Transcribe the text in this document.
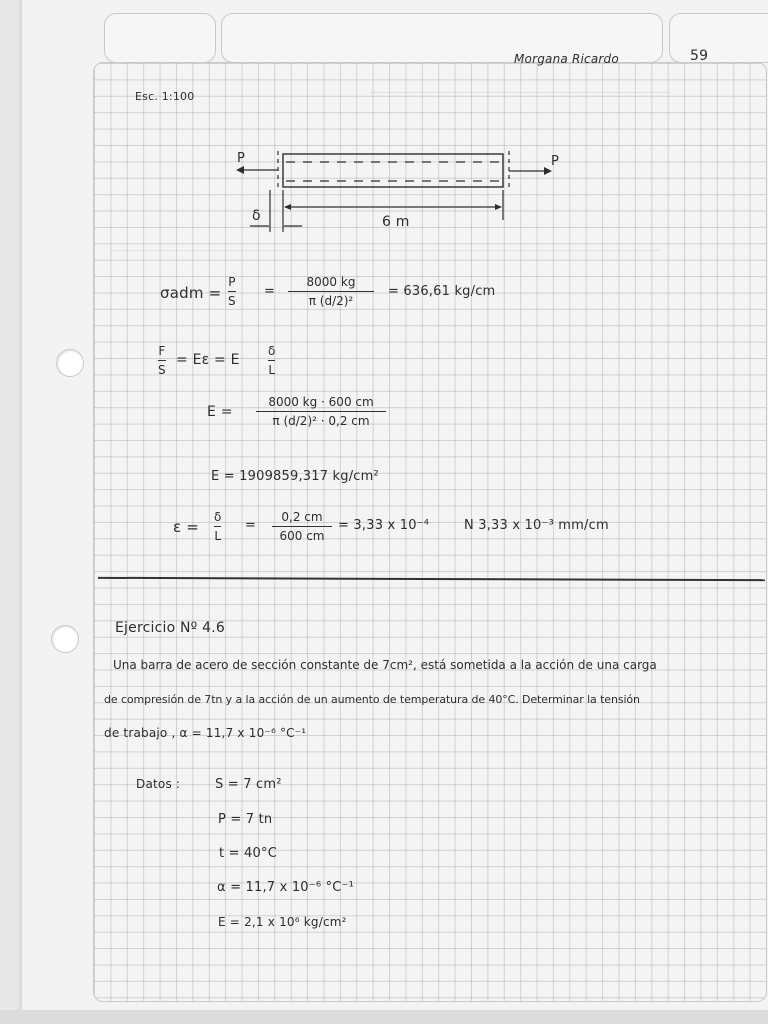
Morgana Ricardo	59
Esc. 1:100
P	P
δ	6 m
σadm =
P
S
=
8000 kg
π (d/2)²
= 636,61 kg/cm
F
S
= Eε = E
δ
L
E =
8000 kg · 600 cm
π (d/2)² · 0,2 cm
E = 1909859,317 kg/cm²
ε =
δ
L
=
0,2 cm
600 cm
= 3,33 x 10⁻⁴	N 3,33 x 10⁻³ mm/cm
Ejercicio Nº 4.6
Una barra de acero de sección constante de 7cm², está sometida a la acción de una carga
de compresión de 7tn y a la acción de un aumento de temperatura de 40°C. Determinar la tensión
de trabajo , α = 11,7 x 10⁻⁶ °C⁻¹
Datos :	S = 7 cm²
P = 7 tn
t = 40°C
α = 11,7 x 10⁻⁶ °C⁻¹
E = 2,1 x 10⁶ kg/cm²
